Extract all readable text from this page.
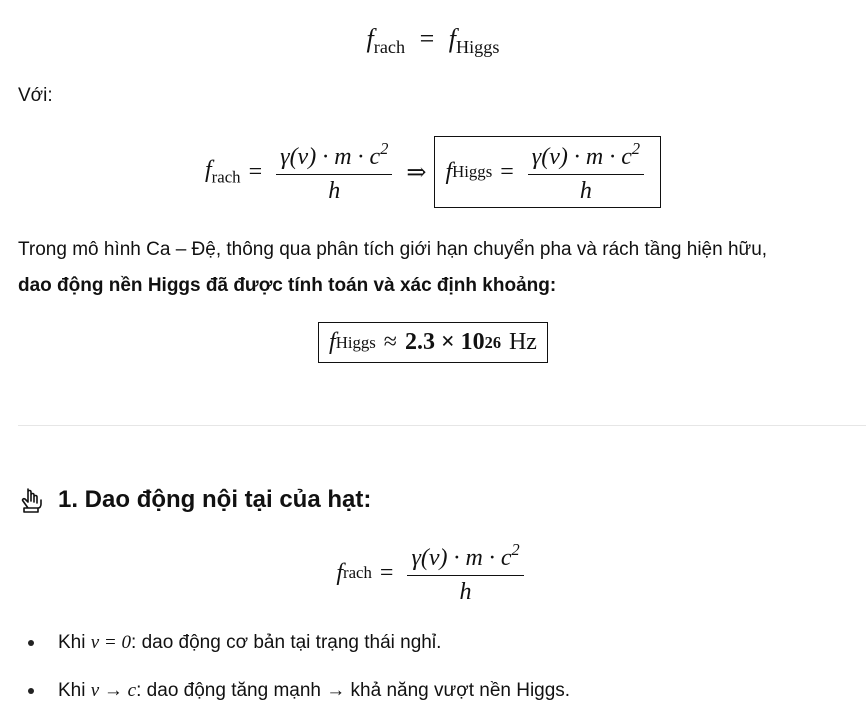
$f_{rach} = f_{Higgs}$
Với:
$f_{rach} = \frac{\gamma(v) \cdot m \cdot c^2}{h}$ ⇒ f Higgs = $\frac{\gamma(v) \cdot m \cdot c^2}{h}$
Trong mô hình Ca – Đệ, thông qua phân tích giới hạn chuyển pha và rách tầng hiện hữu,
dao động nền Higgs đã được tính toán và xác định khoảng:
f Higgs ≈ 2.3 × 10 26 Hz
1. Dao động nội tại của hạt:
f rach = $\frac{\gamma(v) \cdot m \cdot c^2}{h}$
Khi
v = 0 : dao động cơ bản tại trạng thái nghỉ.
Khi
v → c : dao động tăng mạnh → khả năng vượt nền Higgs.
